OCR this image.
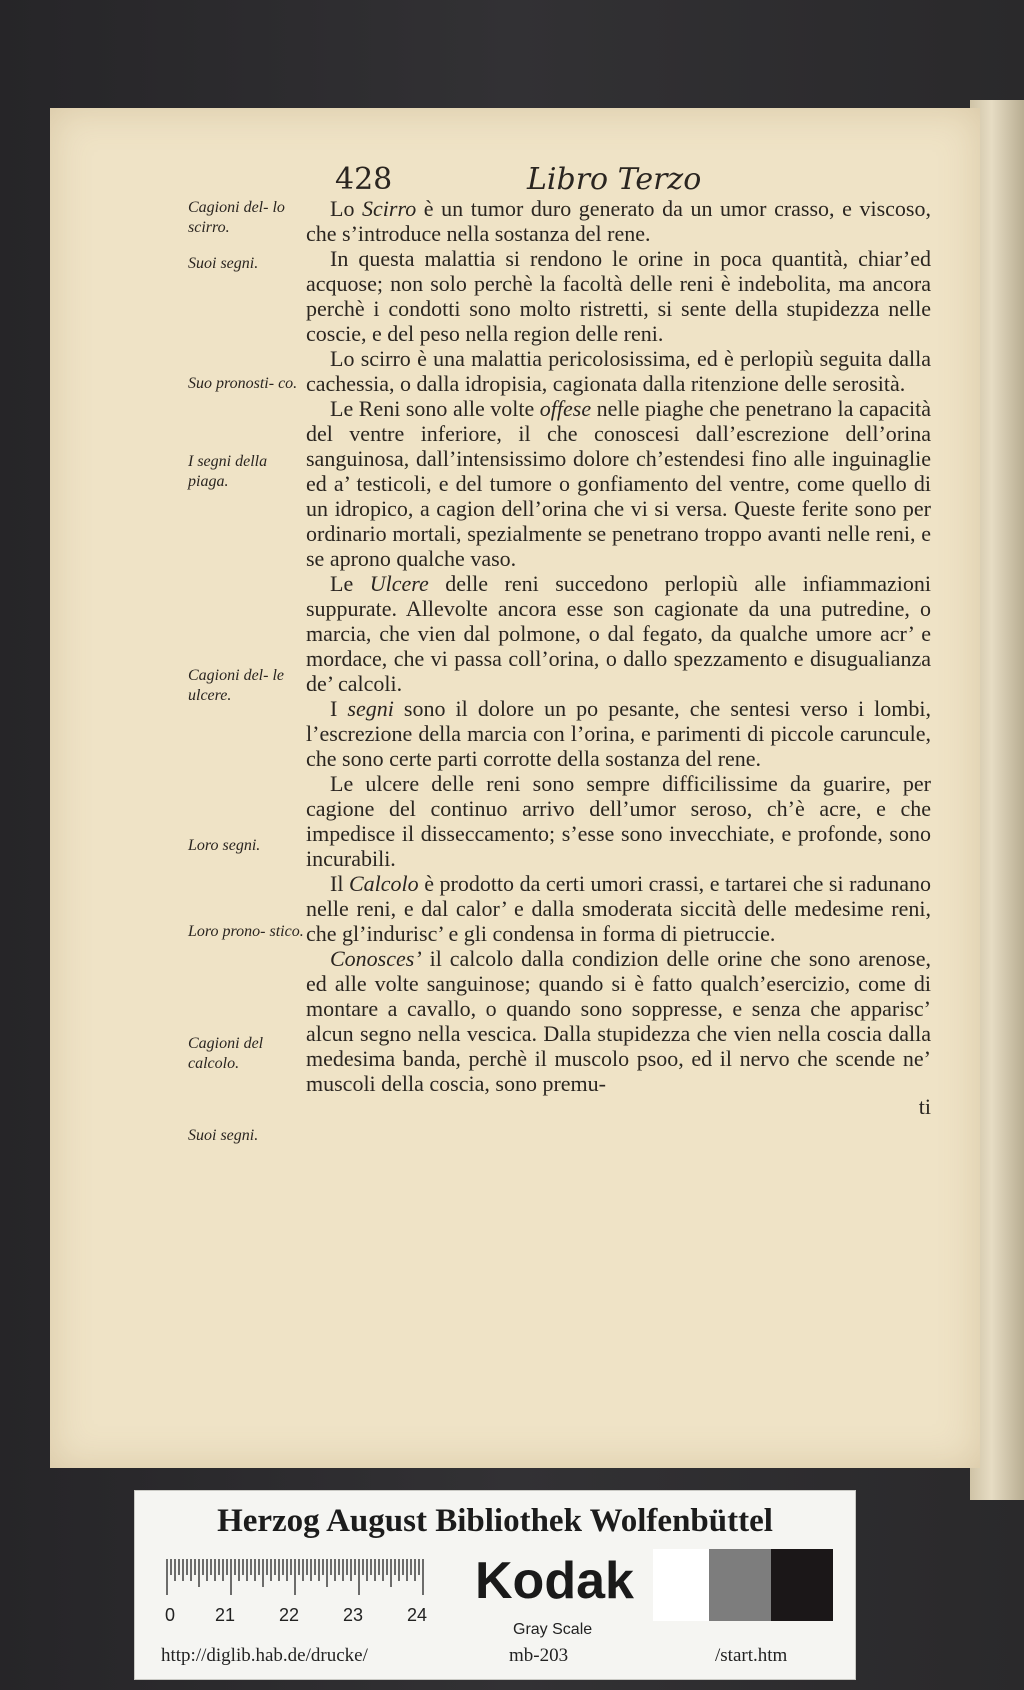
428	Libro Terzo
Cagioni del- lo scirro.
Suoi segni.
Suo pronosti- co.
I segni della piaga.
Cagioni del- le ulcere.
Loro segni.
Loro prono- stico.
Cagioni del calcolo.
Suoi segni.

Lo Scirro è un tumor duro generato da un umor crasso, e viscoso, che s’introduce nella sostanza del rene.

In questa malattia si rendono le orine in poca quantità, chiar’ed acquose; non solo perchè la facoltà delle reni è indebolita, ma ancora perchè i condotti sono molto ristretti, si sente della stupidezza nelle coscie, e del peso nella region delle reni.

Lo scirro è una malattia pericolosissima, ed è perlopiù seguita dalla cachessia, o dalla idropisia, cagionata dalla ritenzione delle serosità.

Le Reni sono alle volte offese nelle piaghe che penetrano la capacità del ventre inferiore, il che conoscesi dall’escrezione dell’orina sanguinosa, dall’intensissimo dolore ch’estendesi fino alle inguinaglie ed a’ testicoli, e del tumore o gonfiamento del ventre, come quello di un idropico, a cagion dell’orina che vi si versa. Queste ferite sono per ordinario mortali, spezialmente se penetrano troppo avanti nelle reni, e se aprono qualche vaso.

Le Ulcere delle reni succedono perlopiù alle infiammazioni suppurate. Allevolte ancora esse son cagionate da una putredine, o marcia, che vien dal polmone, o dal fegato, da qualche umore acr’ e mordace, che vi passa coll’orina, o dallo spezzamento e disugualianza de’ calcoli.

I segni sono il dolore un po pesante, che sentesi verso i lombi, l’escrezione della marcia con l’orina, e parimenti di piccole caruncule, che sono certe parti corrotte della sostanza del rene.

Le ulcere delle reni sono sempre difficilissime da guarire, per cagione del continuo arrivo dell’umor seroso, ch’è acre, e che impedisce il disseccamento; s’esse sono invecchiate, e profonde, sono incurabili.

Il Calcolo è prodotto da certi umori crassi, e tartarei che si radunano nelle reni, e dal calor’ e dalla smoderata siccità delle medesime reni, che gl’indurisc’ e gli condensa in forma di pietruccie.

Conosces’ il calcolo dalla condizion delle orine che sono arenose, ed alle volte sanguinose; quando si è fatto qualch’esercizio, come di montare a cavallo, o quando sono soppresse, e senza che apparisc’ alcun segno nella vescica. Dalla stupidezza che vien nella coscia dalla medesima banda, perchè il muscolo psoo, ed il nervo che scende ne’ muscoli della coscia, sono premu-

ti

Herzog August Bibliothek Wolfenbüttel
0 21 22 23 24
Kodak
Gray Scale
http://diglib.hab.de/drucke/	mb-203	/start.htm
